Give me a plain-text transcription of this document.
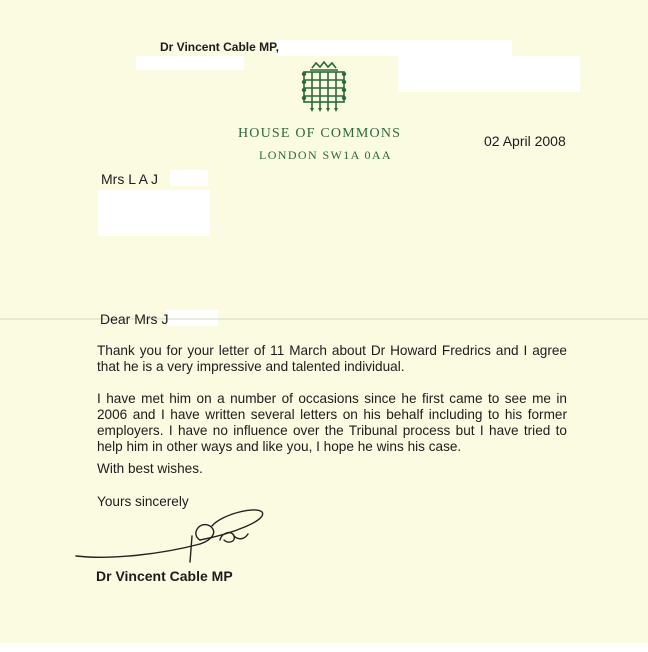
Dr Vincent Cable MP,
HOUSE OF COMMONS
LONDON SW1A 0AA
02 April 2008
Mrs L A J
Dear Mrs J
Thank you for your letter of 11 March about Dr Howard Fredrics and I agree that he is a very impressive and talented individual.
I have met him on a number of occasions since he first came to see me in 2006 and I have written several letters on his behalf including to his former employers. I have no influence over the Tribunal process but I have tried to help him in other ways and like you, I hope he wins his case.
With best wishes.
Yours sincerely
Dr Vincent Cable MP
